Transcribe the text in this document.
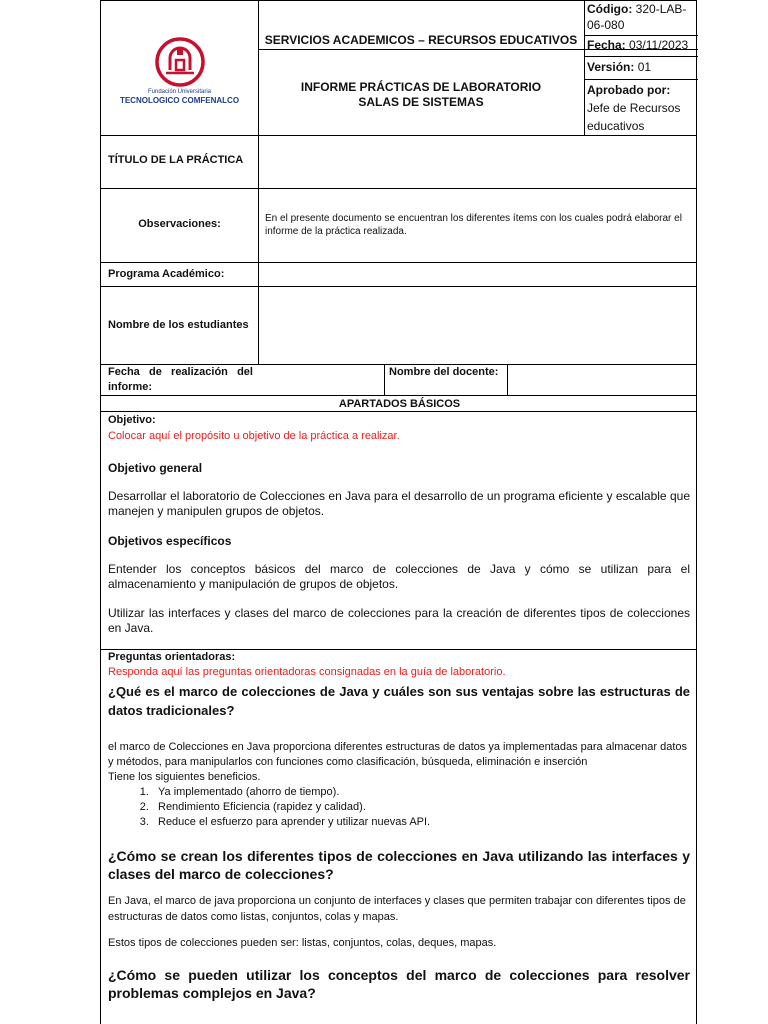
Fundación Universitaria
TECNOLOGICO COMFENALCO
SERVICIOS ACADEMICOS – RECURSOS EDUCATIVOS
INFORME PRÁCTICAS DE LABORATORIO SALAS DE SISTEMAS
Código: 320-LAB-06-080
Fecha: 03/11/2023
Versión: 01
Aprobado por:
Jefe de Recursos educativos
TÍTULO DE LA PRÁCTICA
Observaciones:	En el presente documento se encuentran los diferentes ítems con los cuales podrá elaborar el informe de la práctica realizada.
Programa Académico:
Nombre de los estudiantes
Fecha de realización del informe:
Nombre del docente:
APARTADOS BÁSICOS
Objetivo:
Colocar aquí el propósito u objetivo de la práctica a realizar.
Objetivo general
Desarrollar el laboratorio de Colecciones en Java para el desarrollo de un programa eficiente y escalable que manejen y manipulen grupos de objetos.
Objetivos específicos
Entender los conceptos básicos del marco de colecciones de Java y cómo se utilizan para el almacenamiento y manipulación de grupos de objetos.
Utilizar las interfaces y clases del marco de colecciones para la creación de diferentes tipos de colecciones en Java.
Preguntas orientadoras:
Responda aquí las preguntas orientadoras consignadas en la guía de laboratorio.
¿Qué es el marco de colecciones de Java y cuáles son sus ventajas sobre las estructuras de datos tradicionales?
el marco de Colecciones en Java proporciona diferentes estructuras de datos ya implementadas para almacenar datos y métodos, para manipularlos con funciones como clasificación, búsqueda, eliminación e inserción
Tiene los siguientes beneficios.
1. Ya implementado (ahorro de tiempo).
2. Rendimiento Eficiencia (rapidez y calidad).
3. Reduce el esfuerzo para aprender y utilizar nuevas API.
¿Cómo se crean los diferentes tipos de colecciones en Java utilizando las interfaces y clases del marco de colecciones?
En Java, el marco de java proporciona un conjunto de interfaces y clases que permiten trabajar con diferentes tipos de estructuras de datos como listas, conjuntos, colas y mapas.
Estos tipos de colecciones pueden ser: listas, conjuntos, colas, deques, mapas.
¿Cómo se pueden utilizar los conceptos del marco de colecciones para resolver problemas complejos en Java?
